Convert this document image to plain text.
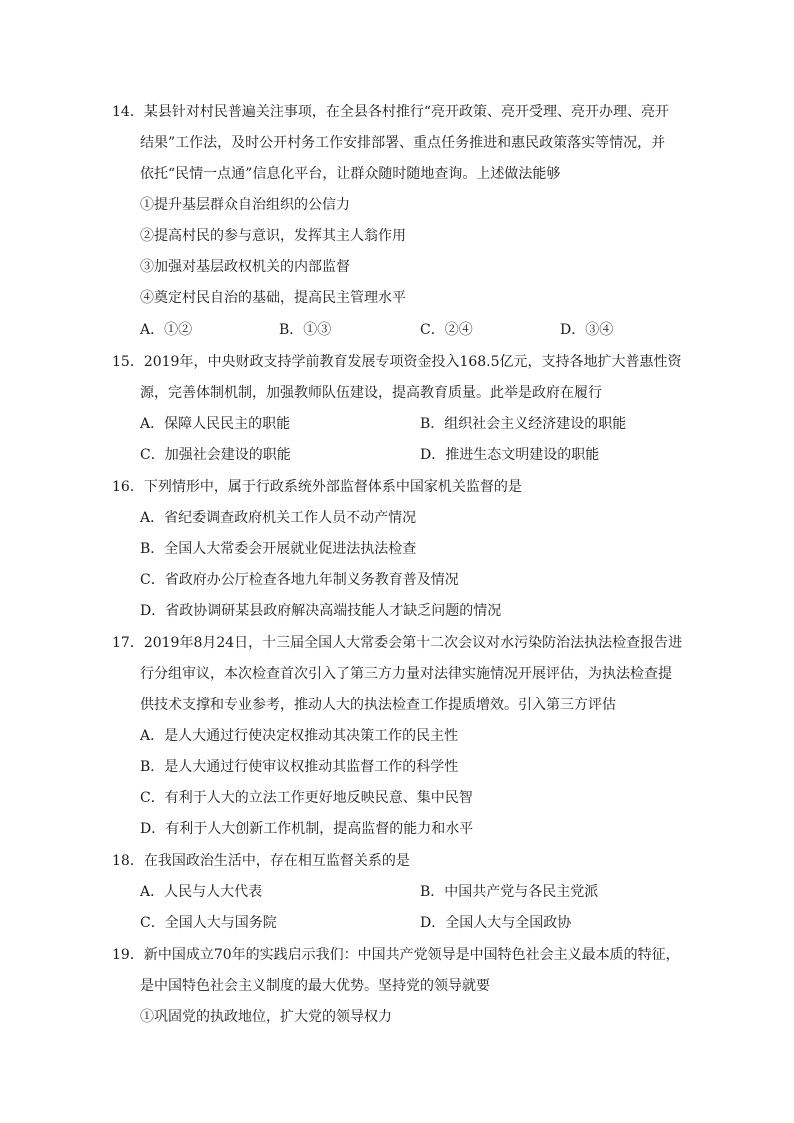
14．某县针对村民普遍关注事项，在全县各村推行“亮开政策、亮开受理、亮开办理、亮开
结果”工作法，及时公开村务工作安排部署、重点任务推进和惠民政策落实等情况，并
依托“民情一点通”信息化平台，让群众随时随地查询。上述做法能够
①提升基层群众自治组织的公信力
②提高村民的参与意识，发挥其主人翁作用
③加强对基层政权机关的内部监督
④奠定村民自治的基础，提高民主管理水平
A．①②	B．①③	C．②④	D．③④
15．2019年，中央财政支持学前教育发展专项资金投入168.5亿元，支持各地扩大普惠性资
源，完善体制机制，加强教师队伍建设，提高教育质量。此举是政府在履行
A．保障人民民主的职能	B．组织社会主义经济建设的职能
C．加强社会建设的职能	D．推进生态文明建设的职能
16．下列情形中，属于行政系统外部监督体系中国家机关监督的是
A．省纪委调查政府机关工作人员不动产情况
B．全国人大常委会开展就业促进法执法检查
C．省政府办公厅检查各地九年制义务教育普及情况
D．省政协调研某县政府解决高端技能人才缺乏问题的情况
17．2019年8月24日，十三届全国人大常委会第十二次会议对水污染防治法执法检查报告进
行分组审议，本次检查首次引入了第三方力量对法律实施情况开展评估，为执法检查提
供技术支撑和专业参考，推动人大的执法检查工作提质增效。引入第三方评估
A．是人大通过行使决定权推动其决策工作的民主性
B．是人大通过行使审议权推动其监督工作的科学性
C．有利于人大的立法工作更好地反映民意、集中民智
D．有利于人大创新工作机制，提高监督的能力和水平
18．在我国政治生活中，存在相互监督关系的是
A．人民与人大代表	B．中国共产党与各民主党派
C．全国人大与国务院	D．全国人大与全国政协
19．新中国成立70年的实践启示我们：中国共产党领导是中国特色社会主义最本质的特征，
是中国特色社会主义制度的最大优势。坚持党的领导就要
①巩固党的执政地位，扩大党的领导权力
